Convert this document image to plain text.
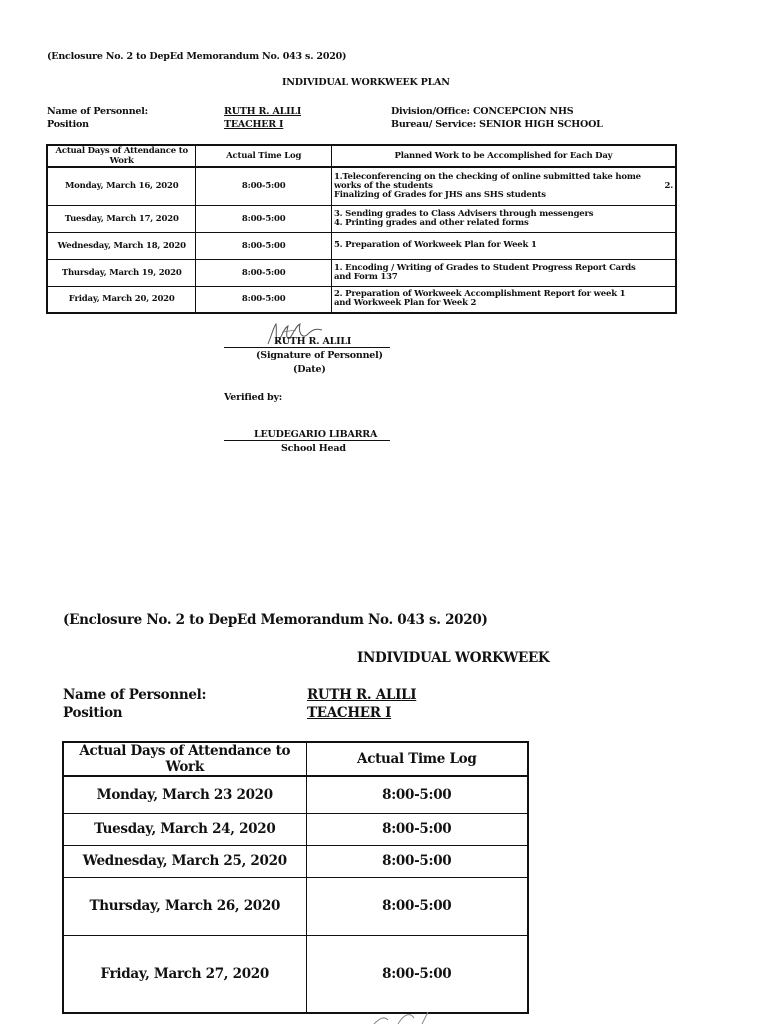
(Enclosure No. 2 to DepEd Memorandum No. 043 s. 2020)
INDIVIDUAL WORKWEEK PLAN
Name of Personnel:	RUTH R. ALILI
Position	TEACHER I
Division/Office: CONCEPCION NHS
Bureau/ Service: SENIOR HIGH SCHOOL
Actual Days of Attendance to Work	Actual Time Log	Planned Work to be Accomplished for Each Day
Monday, March 16, 2020	8:00-5:00	1.Teleconferencing on the checking of online submitted take home
works of the students                                                                                    2.
Finalizing of Grades for JHS ans SHS students

Tuesday, March 17, 2020	8:00-5:00	3. Sending grades to Class Advisers through messengers
4. Printing grades and other related forms

Wednesday, March 18, 2020	8:00-5:00	5. Preparation of Workweek Plan for Week 1

Thursday, March 19, 2020	8:00-5:00	1. Encoding / Writing of Grades to Student Progress Report Cards
and Form 137

Friday, March 20, 2020	8:00-5:00	2. Preparation of Workweek Accomplishment Report for week 1
and Workweek Plan for Week 2
RUTH R. ALILI
(Signature of Personnel)
(Date)
Verified by:
LEUDEGARIO LIBARRA
School Head
(Enclosure No. 2 to DepEd Memorandum No. 043 s. 2020)
INDIVIDUAL WORKWEEK
Name of Personnel:	RUTH R. ALILI
Position	TEACHER I
Actual Days of Attendance to Work	Actual Time Log
Monday, March 23 2020	8:00-5:00
Tuesday, March 24, 2020	8:00-5:00
Wednesday, March 25, 2020	8:00-5:00
Thursday, March 26, 2020	8:00-5:00
Friday, March 27, 2020	8:00-5:00
